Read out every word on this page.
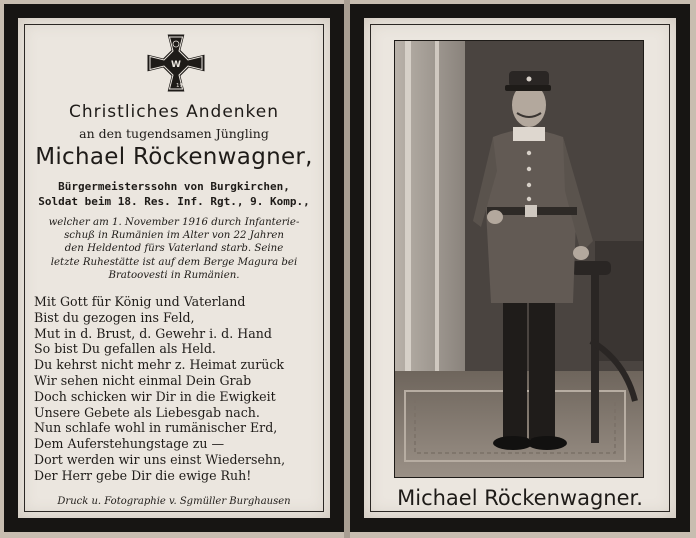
W
1914
Christliches Andenken
an den tugendsamen Jüngling
Michael Röckenwagner,
Bürgermeisterssohn von Burgkirchen,
Soldat beim 18. Res. Inf. Rgt., 9. Komp.,
welcher am 1. November 1916 durch Infanterie-
schuß in Rumänien im Alter von 22 Jahren
den Heldentod fürs Vaterland starb. Seine
letzte Ruhestätte ist auf dem Berge Magura bei
Bratoovesti in Rumänien.
Mit Gott für König und Vaterland
Bist du gezogen ins Feld,
Mut in d. Brust, d. Gewehr i. d. Hand
So bist Du gefallen als Held.
Du kehrst nicht mehr z. Heimat zurück
Wir sehen nicht einmal Dein Grab
Doch schicken wir Dir in die Ewigkeit
Unsere Gebete als Liebesgab nach.
Nun schlafe wohl in rumänischer Erd,
Dem Auferstehungstage zu —
Dort werden wir uns einst Wiedersehn,
Der Herr gebe Dir die ewige Ruh!
Druck u. Fotographie v. Sgmüller Burghausen	Michael Röckenwagner.
